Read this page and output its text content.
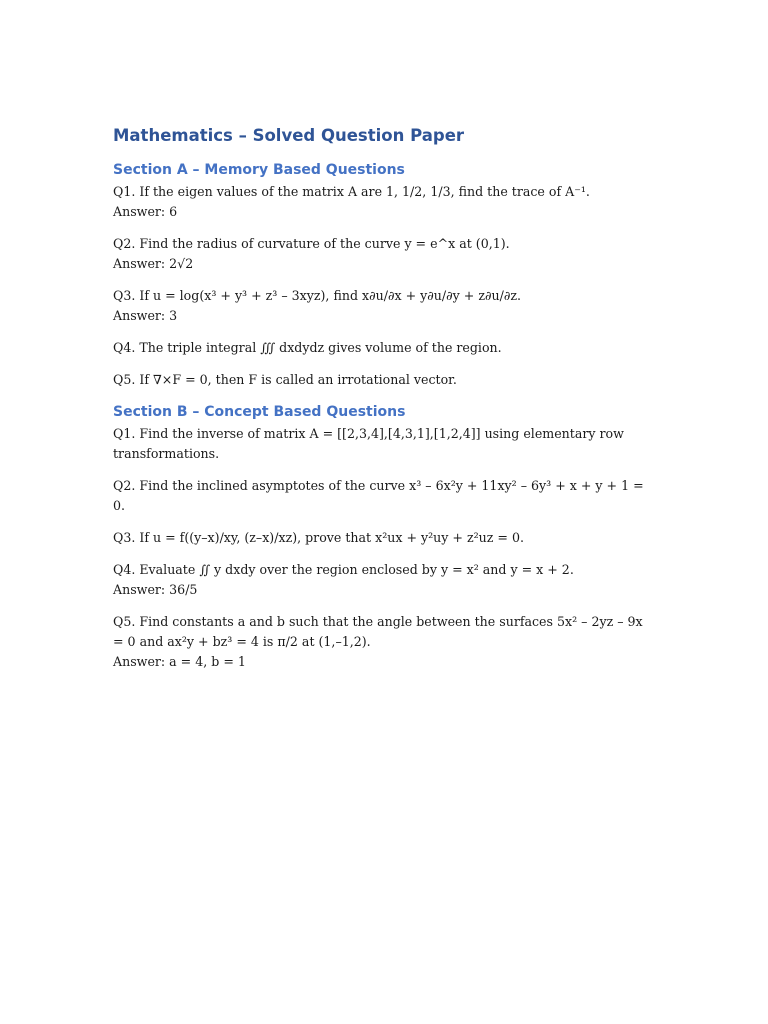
Mathematics – Solved Question Paper
Section A – Memory Based Questions

Q1. If the eigen values of the matrix A are 1, 1/2, 1/3, find the trace of A⁻¹.

Answer: 6

Q2. Find the radius of curvature of the curve y = e^x at (0,1).

Answer: 2√2

Q3. If u = log(x³ + y³ + z³ – 3xyz), find x∂u/∂x + y∂u/∂y + z∂u/∂z.

Answer: 3

Q4. The triple integral ∭ dxdydz gives volume of the region.

Q5. If ∇×F = 0, then F is called an irrotational vector.

Section B – Concept Based Questions

Q1. Find the inverse of matrix A = [[2,3,4],[4,3,1],[1,2,4]] using elementary row transformations.

Q2. Find the inclined asymptotes of the curve x³ – 6x²y + 11xy² – 6y³ + x + y + 1 = 0.

Q3. If u = f((y–x)/xy, (z–x)/xz), prove that x²ux + y²uy + z²uz = 0.

Q4. Evaluate ∬ y dxdy over the region enclosed by y = x² and y = x + 2.

Answer: 36/5

Q5. Find constants a and b such that the angle between the surfaces 5x² – 2yz – 9x = 0 and ax²y + bz³ = 4 is π/2 at (1,–1,2).

Answer: a = 4, b = 1
